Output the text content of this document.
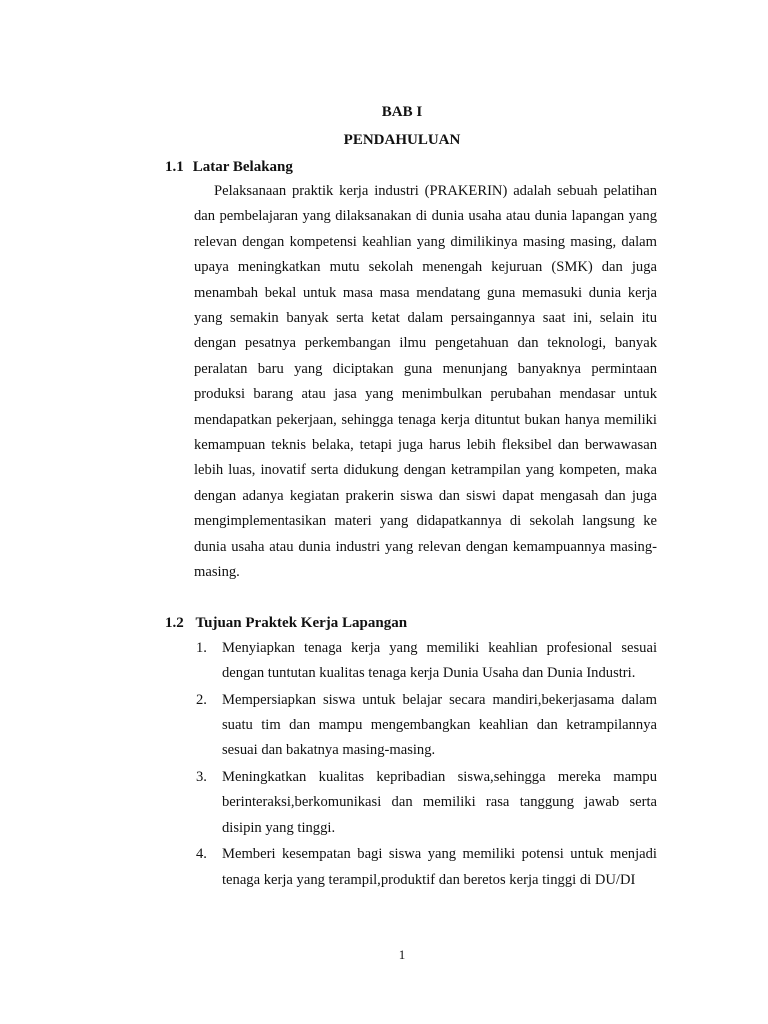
BAB I

PENDAHULUAN

1.1 Latar Belakang

Pelaksanaan praktik kerja industri (PRAKERIN) adalah sebuah pelatihan dan pembelajaran yang dilaksanakan di dunia usaha atau dunia lapangan yang relevan dengan kompetensi keahlian yang dimilikinya masing masing, dalam upaya meningkatkan mutu sekolah menengah kejuruan (SMK) dan juga menambah bekal untuk masa masa mendatang guna memasuki dunia kerja yang semakin banyak serta ketat dalam persaingannya saat ini, selain itu dengan pesatnya perkembangan ilmu pengetahuan dan teknologi, banyak peralatan baru yang diciptakan guna menunjang banyaknya permintaan produksi barang atau jasa yang menimbulkan perubahan mendasar untuk mendapatkan pekerjaan, sehingga tenaga kerja dituntut bukan hanya memiliki kemampuan teknis belaka, tetapi juga harus lebih fleksibel dan berwawasan lebih luas, inovatif serta didukung dengan ketrampilan yang kompeten, maka dengan adanya kegiatan prakerin siswa dan siswi dapat mengasah dan juga mengimplementasikan materi yang didapatkannya di sekolah langsung ke dunia usaha atau dunia industri yang relevan dengan kemampuannya masing-masing.

1.2 Tujuan Praktek Kerja Lapangan

1. Menyiapkan tenaga kerja yang memiliki keahlian profesional sesuai dengan tuntutan kualitas tenaga kerja Dunia Usaha dan Dunia Industri.
2. Mempersiapkan siswa untuk belajar secara mandiri,bekerjasama dalam suatu tim dan mampu mengembangkan keahlian dan ketrampilannya sesuai dan bakatnya masing-masing.
3. Meningkatkan kualitas kepribadian siswa,sehingga mereka mampu berinteraksi,berkomunikasi dan memiliki rasa tanggung jawab serta disipin yang tinggi.
4. Memberi kesempatan bagi siswa yang memiliki potensi untuk menjadi tenaga kerja yang terampil,produktif dan beretos kerja tinggi di DU/DI

1
